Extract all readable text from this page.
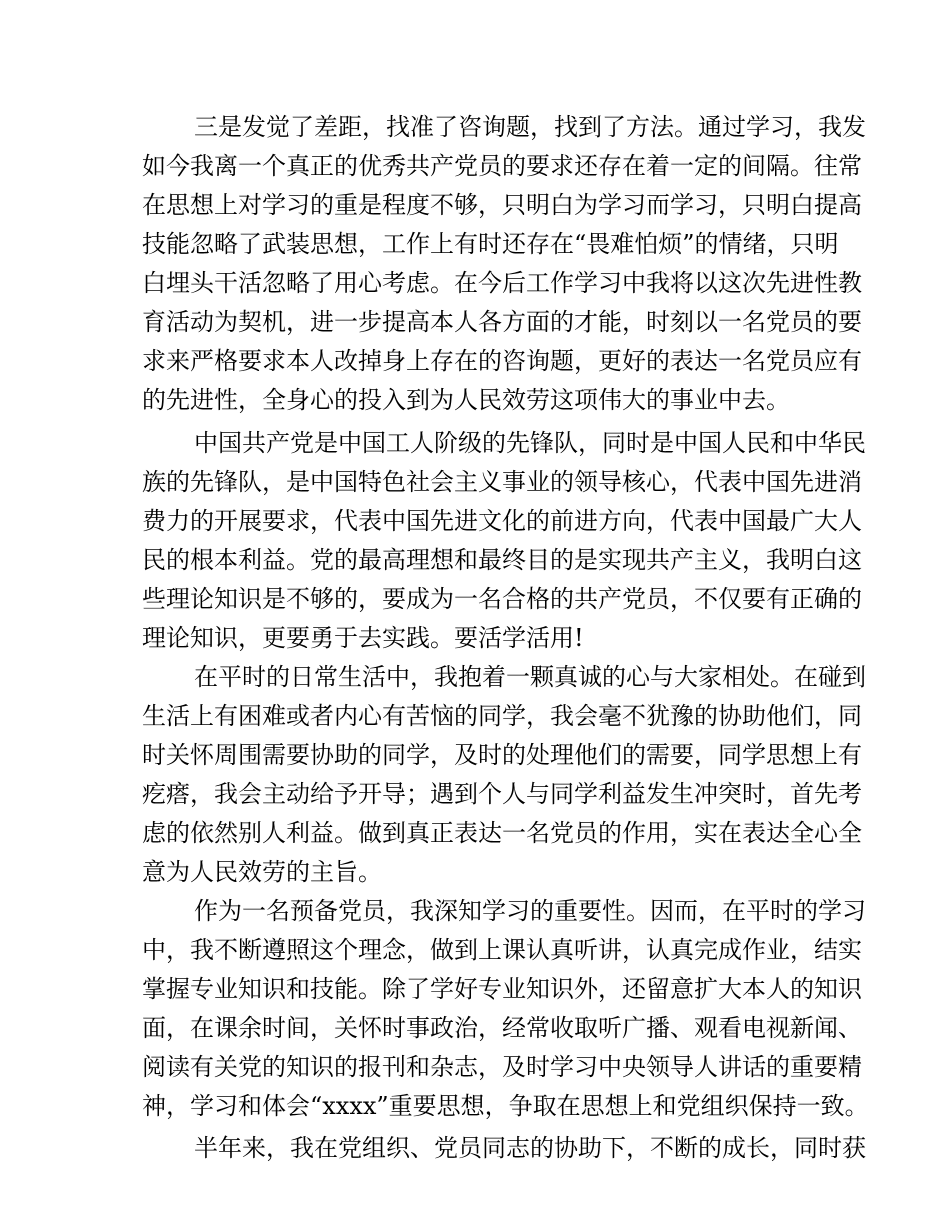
三是发觉了差距，找准了咨询题，找到了方法。通过学习，我发

如今我离一个真正的优秀共产党员的要求还存在着一定的间隔。往常

在思想上对学习的重是程度不够，只明白为学习而学习，只明白提高

技能忽略了武装思想，工作上有时还存在“畏难怕烦”的情绪，只明

白埋头干活忽略了用心考虑。在今后工作学习中我将以这次先进性教

育活动为契机，进一步提高本人各方面的才能，时刻以一名党员的要

求来严格要求本人改掉身上存在的咨询题，更好的表达一名党员应有

的先进性，全身心的投入到为人民效劳这项伟大的事业中去。

中国共产党是中国工人阶级的先锋队，同时是中国人民和中华民

族的先锋队，是中国特色社会主义事业的领导核心，代表中国先进消

费力的开展要求，代表中国先进文化的前进方向，代表中国最广大人

民的根本利益。党的最高理想和最终目的是实现共产主义，我明白这

些理论知识是不够的，要成为一名合格的共产党员，不仅要有正确的

理论知识，更要勇于去实践。要活学活用!

在平时的日常生活中，我抱着一颗真诚的心与大家相处。在碰到

生活上有困难或者内心有苦恼的同学，我会毫不犹豫的协助他们，同

时关怀周围需要协助的同学，及时的处理他们的需要，同学思想上有

疙瘩，我会主动给予开导；遇到个人与同学利益发生冲突时，首先考

虑的依然别人利益。做到真正表达一名党员的作用，实在表达全心全

意为人民效劳的主旨。

作为一名预备党员，我深知学习的重要性。因而，在平时的学习

中，我不断遵照这个理念，做到上课认真听讲，认真完成作业，结实

掌握专业知识和技能。除了学好专业知识外，还留意扩大本人的知识

面，在课余时间，关怀时事政治，经常收取听广播、观看电视新闻、

阅读有关党的知识的报刊和杂志，及时学习中央领导人讲话的重要精

神，学习和体会“xxxx”重要思想，争取在思想上和党组织保持一致。

半年来，我在党组织、党员同志的协助下，不断的成长，同时获
